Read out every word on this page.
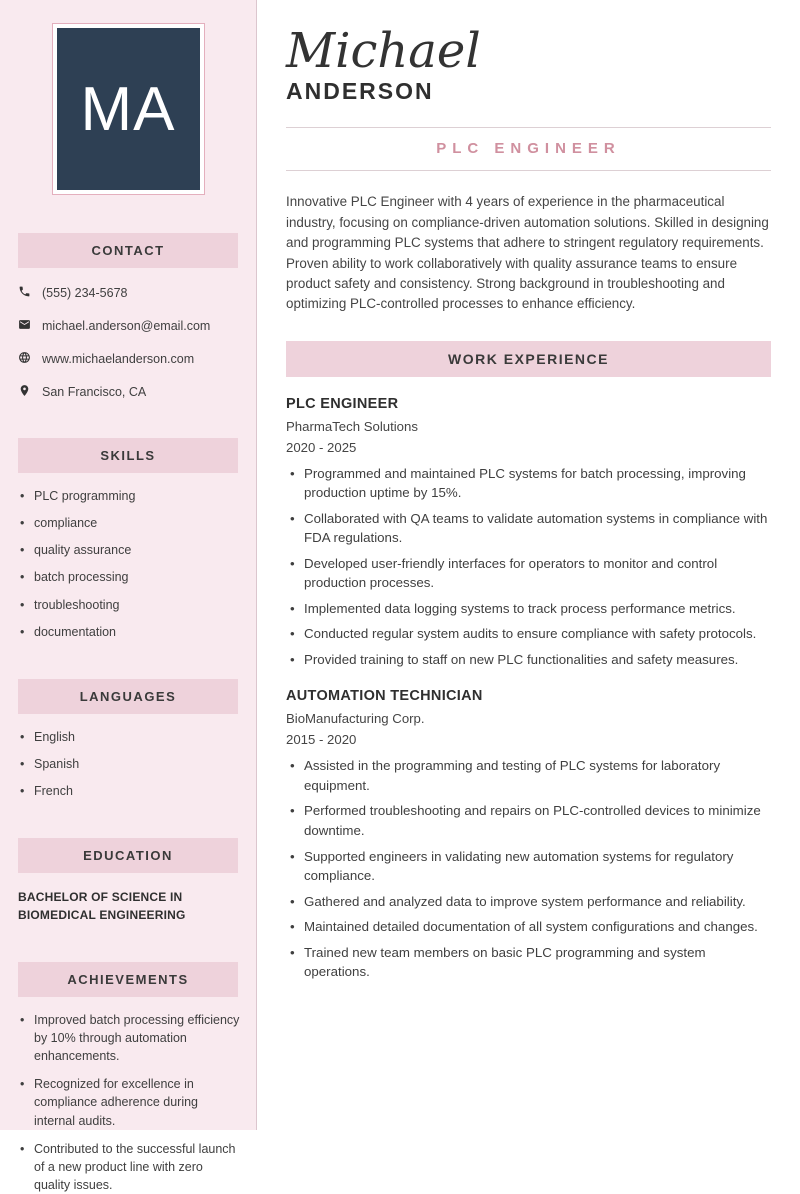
MA
CONTACT
(555) 234-5678
michael.anderson@email.com
www.michaelanderson.com
San Francisco, CA
SKILLS
• PLC programming
• compliance
• quality assurance
• batch processing
• troubleshooting
• documentation
LANGUAGES
• English
• Spanish
• French
EDUCATION
BACHELOR OF SCIENCE IN BIOMEDICAL ENGINEERING
ACHIEVEMENTS
• Improved batch processing efficiency by 10% through automation enhancements.
• Recognized for excellence in compliance adherence during internal audits.
• Contributed to the successful launch of a new product line with zero quality issues.
Michael
ANDERSON
PLC ENGINEER

Innovative PLC Engineer with 4 years of experience in the pharmaceutical industry, focusing on compliance-driven automation solutions. Skilled in designing and programming PLC systems that adhere to stringent regulatory requirements. Proven ability to work collaboratively with quality assurance teams to ensure product safety and consistency. Strong background in troubleshooting and optimizing PLC-controlled processes to enhance efficiency.

WORK EXPERIENCE
PLC ENGINEER
PharmaTech Solutions
2020 - 2025
• Programmed and maintained PLC systems for batch processing, improving production uptime by 15%.
• Collaborated with QA teams to validate automation systems in compliance with FDA regulations.
• Developed user-friendly interfaces for operators to monitor and control production processes.
• Implemented data logging systems to track process performance metrics.
• Conducted regular system audits to ensure compliance with safety protocols.
• Provided training to staff on new PLC functionalities and safety measures.
AUTOMATION TECHNICIAN
BioManufacturing Corp.
2015 - 2020
• Assisted in the programming and testing of PLC systems for laboratory equipment.
• Performed troubleshooting and repairs on PLC-controlled devices to minimize downtime.
• Supported engineers in validating new automation systems for regulatory compliance.
• Gathered and analyzed data to improve system performance and reliability.
• Maintained detailed documentation of all system configurations and changes.
• Trained new team members on basic PLC programming and system operations.
